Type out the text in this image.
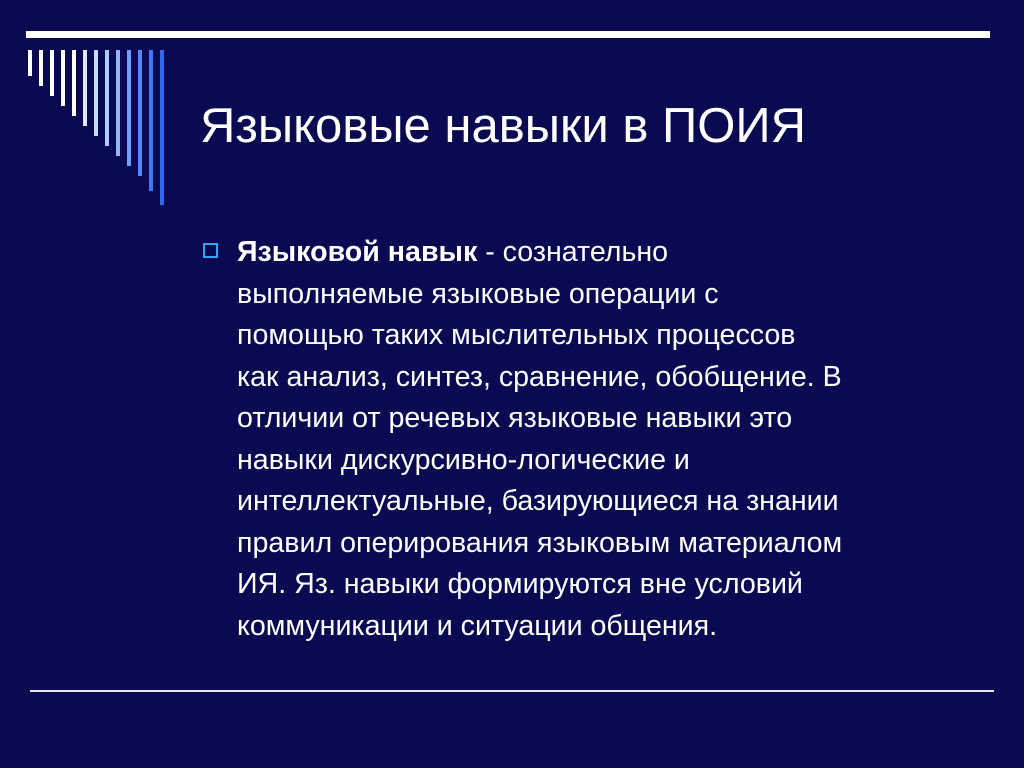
Языковые навыки в ПОИЯ
Языковой навык - сознательно
выполняемые языковые операции с
помощью таких мыслительных процессов
как анализ, синтез, сравнение, обобщение. В
отличии от речевых языковые навыки это
навыки дискурсивно-логические и
интеллектуальные, базирующиеся на знании
правил оперирования языковым материалом
ИЯ. Яз. навыки формируются вне условий
коммуникации и ситуации общения.
